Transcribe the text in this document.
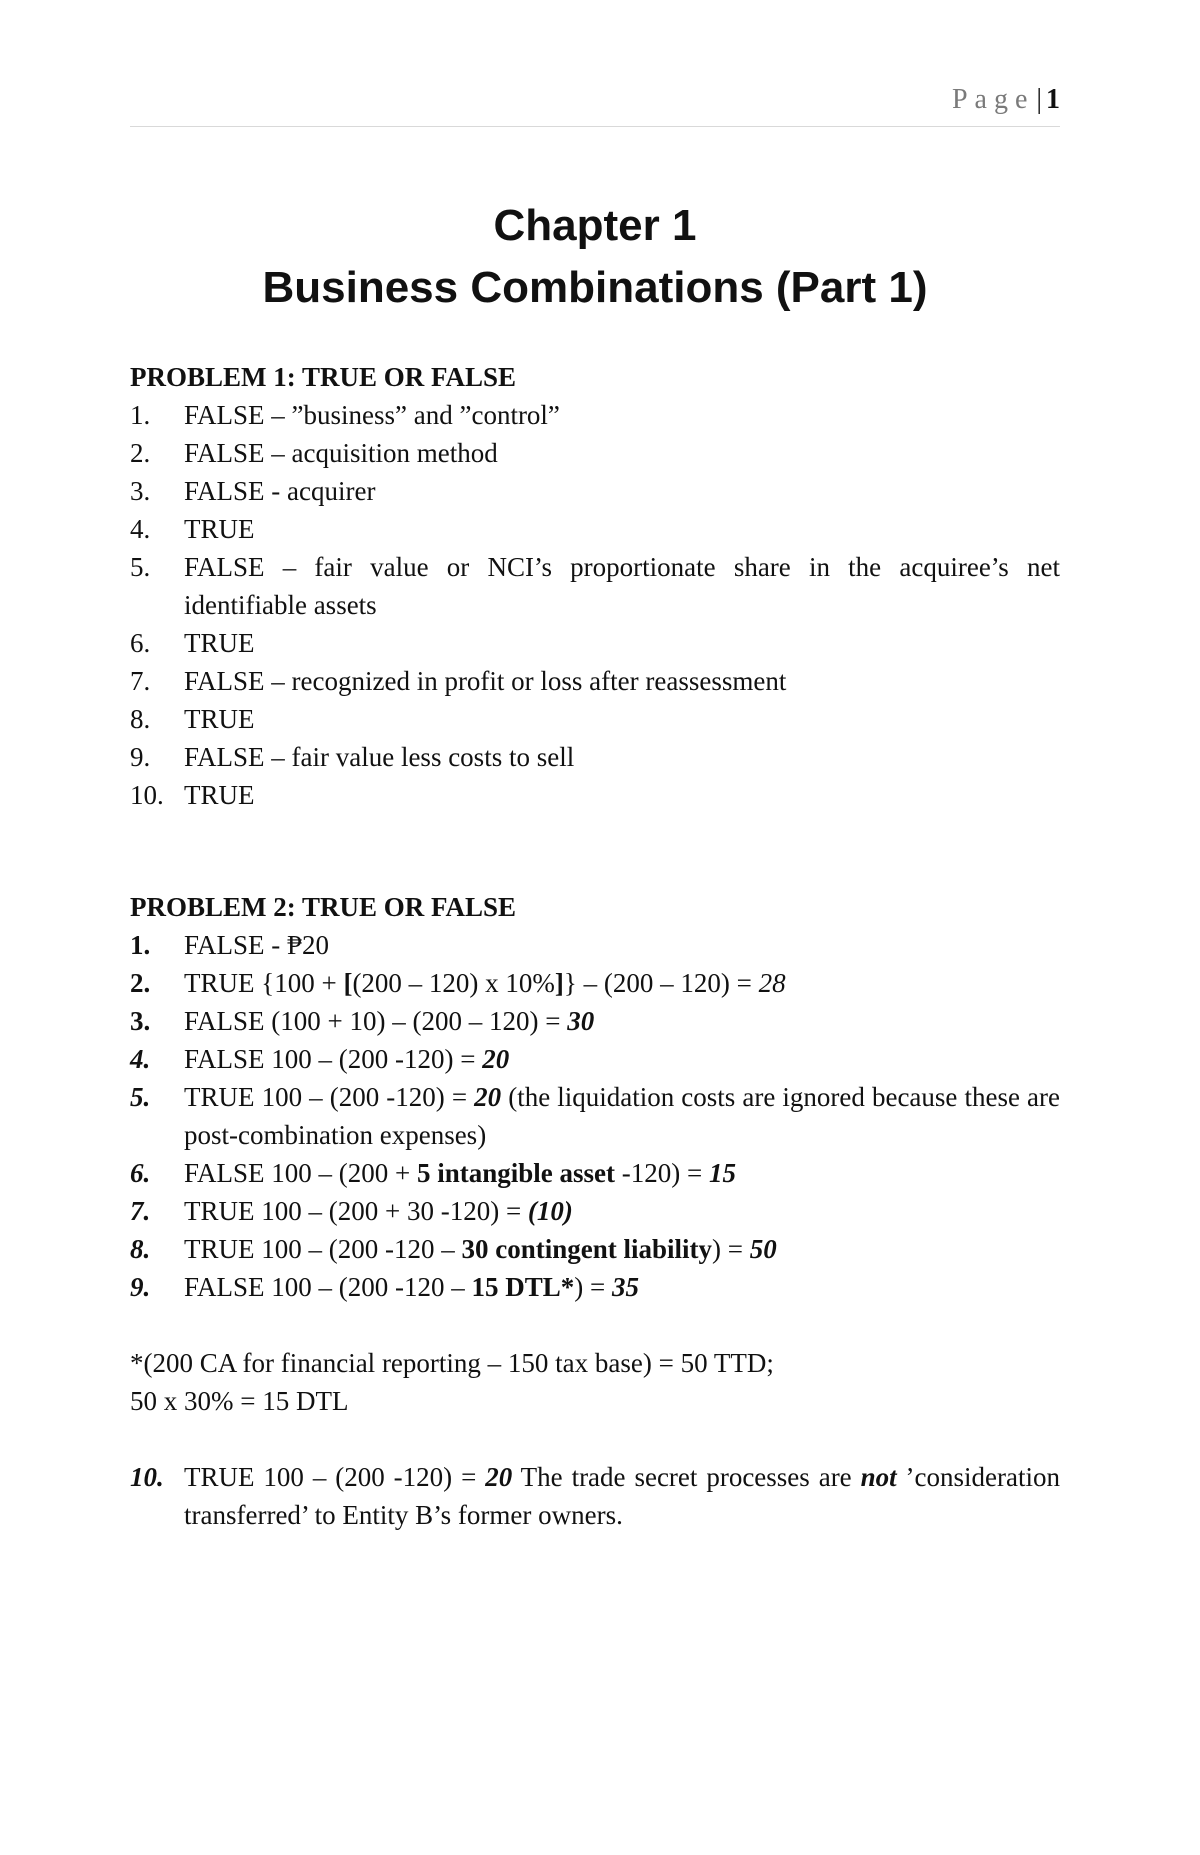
Page| 1
Chapter 1
Business Combinations (Part 1)
PROBLEM 1: TRUE OR FALSE
1.	FALSE – ”business” and ”control”
2.	FALSE – acquisition method
3.	FALSE - acquirer
4.	TRUE
5.	FALSE – fair value or NCI’s proportionate share in the acquiree’s net identifiable assets
6.	TRUE
7.	FALSE – recognized in profit or loss after reassessment
8.	TRUE
9.	FALSE – fair value less costs to sell
10. TRUE
PROBLEM 2: TRUE OR FALSE
1.	FALSE - ₱20
2.	TRUE {100 + [(200 – 120) x 10%]} – (200 – 120) = 28
3.	FALSE (100 + 10) – (200 – 120) = 30
4.	FALSE 100 – (200 -120) = 20
5.	TRUE 100 – (200 -120) = 20 (the liquidation costs are ignored because these are post-combination expenses)
6.	FALSE 100 – (200 + 5 intangible asset -120) = 15
7.	TRUE 100 – (200 + 30 -120) = (10)
8.	TRUE 100 – (200 -120 – 30 contingent liability) = 50
9.	FALSE 100 – (200 -120 – 15 DTL*) = 35
*(200 CA for financial reporting – 150 tax base) = 50 TTD;
50 x 30% = 15 DTL
10. TRUE 100 – (200 -120) = 20 The trade secret processes are not ’consideration transferred’ to Entity B’s former owners.
